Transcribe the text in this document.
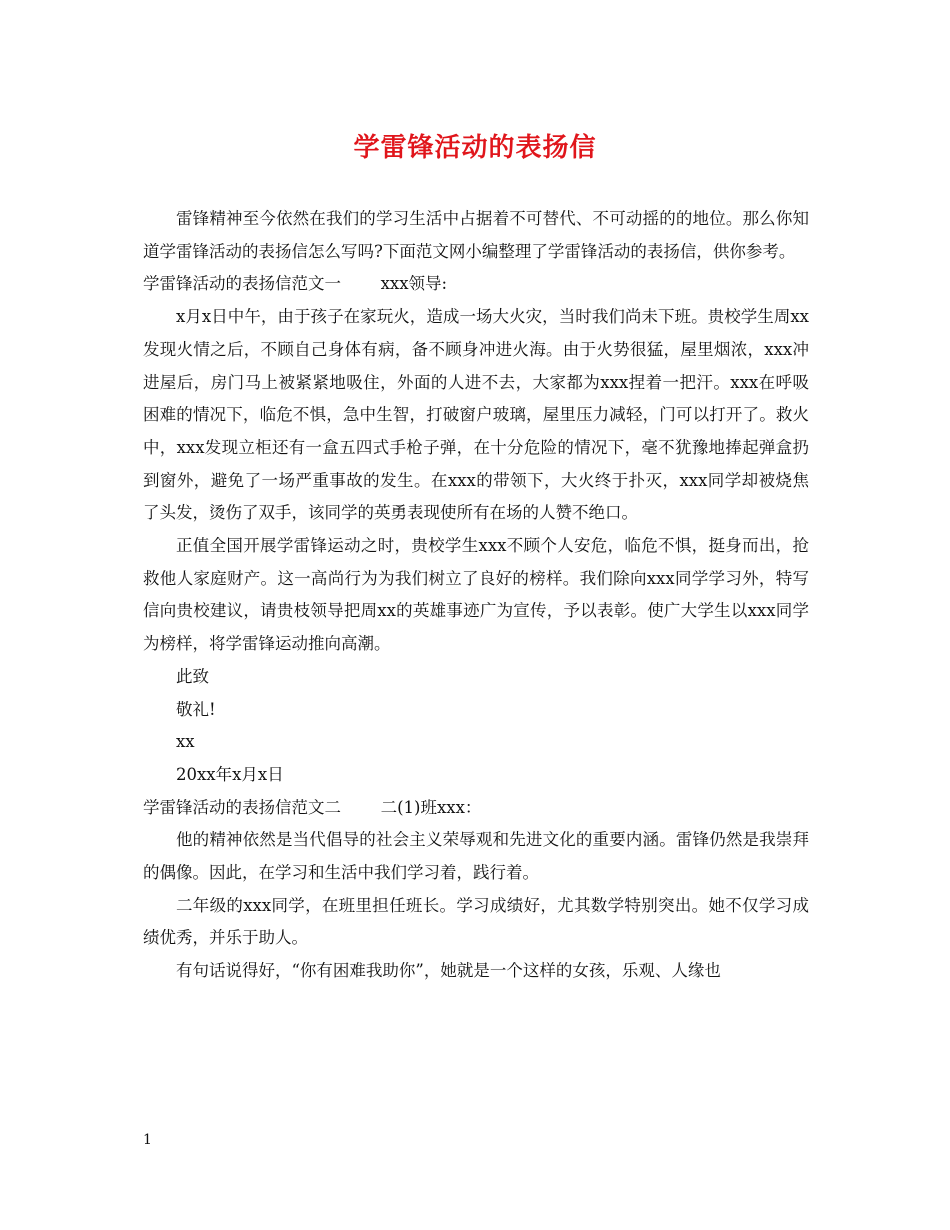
学雷锋活动的表扬信

雷锋精神至今依然在我们的学习生活中占据着不可替代、不可动摇的的地位。那么你知道学雷锋活动的表扬信怎么写吗?下面范文网小编整理了学雷锋活动的表扬信，供你参考。

学雷锋活动的表扬信范文一 xxx领导:

x月x日中午，由于孩子在家玩火，造成一场大火灾，当时我们尚未下班。贵校学生周xx发现火情之后，不顾自己身体有病，备不顾身冲进火海。由于火势很猛，屋里烟浓，xxx冲进屋后，房门马上被紧紧地吸住，外面的人进不去，大家都为xxx捏着一把汗。xxx在呼吸困难的情况下，临危不惧，急中生智，打破窗户玻璃，屋里压力减轻，门可以打开了。救火中，xxx发现立柜还有一盒五四式手枪子弹，在十分危险的情况下，毫不犹豫地捧起弹盒扔到窗外，避免了一场严重事故的发生。在xxx的带领下，大火终于扑灭，xxx同学却被烧焦了头发，烫伤了双手，该同学的英勇表现使所有在场的人赞不绝口。

正值全国开展学雷锋运动之时，贵校学生xxx不顾个人安危，临危不惧，挺身而出，抢救他人家庭财产。这一高尚行为为我们树立了良好的榜样。我们除向xxx同学学习外，特写信向贵校建议，请贵枝领导把周xx的英雄事迹广为宣传，予以表彰。使广大学生以xxx同学为榜样，将学雷锋运动推向高潮。

此致

敬礼!

xx

20xx年x月x日

学雷锋活动的表扬信范文二 二(1)班xxx：

他的精神依然是当代倡导的社会主义荣辱观和先进文化的重要内涵。雷锋仍然是我崇拜的偶像。因此，在学习和生活中我们学习着，践行着。

二年级的xxx同学，在班里担任班长。学习成绩好，尤其数学特别突出。她不仅学习成绩优秀，并乐于助人。

有句话说得好，“你有困难我助你”，她就是一个这样的女孩，乐观、人缘也

1
